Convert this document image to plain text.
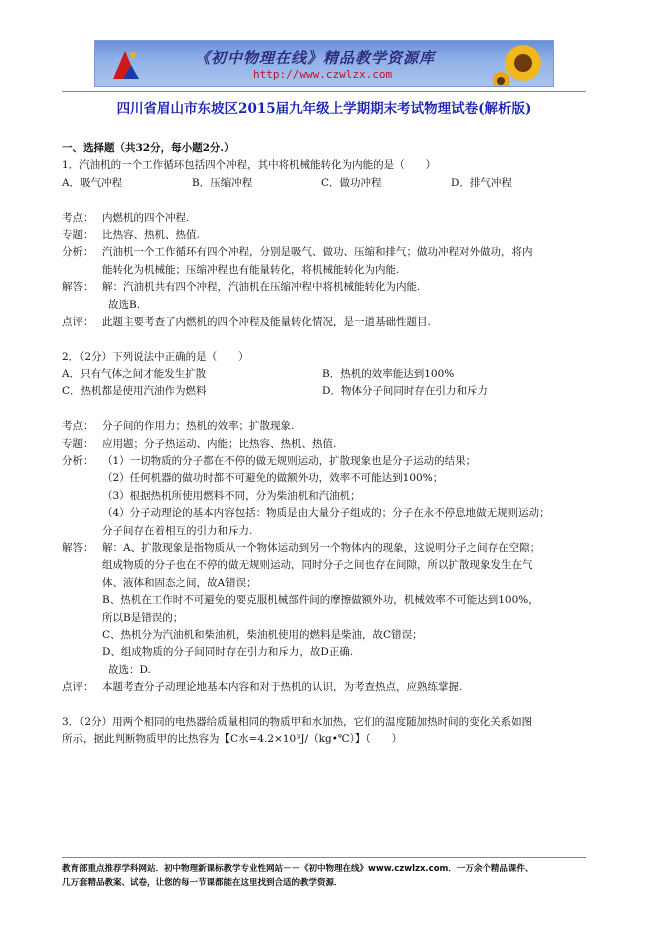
《初中物理在线》精品教学资源库
http://www.czwlzx.com
四川省眉山市东坡区2015届九年级上学期期末考试物理试卷(解析版)
一、选择题（共32分，每小题2分.）
1．汽油机的一个工作循环包括四个冲程，其中将机械能转化为内能的是（　　）
A．吸气冲程	B．压缩冲程	C．做功冲程	D．排气冲程
考点： 内燃机的四个冲程.
专题： 比热容、热机、热值.
分析： 汽油机一个工作循环有四个冲程，分别是吸气、做功、压缩和排气；做功冲程对外做功，将内
能转化为机械能；压缩冲程也有能量转化，将机械能转化为内能.
解答： 解：汽油机共有四个冲程，汽油机在压缩冲程中将机械能转化为内能.
故选B.
点评： 此题主要考查了内燃机的四个冲程及能量转化情况，是一道基础性题目.
2．（2分）下列说法中正确的是（　　）
A．只有气体之间才能发生扩散	B．热机的效率能达到100%
C．热机都是使用汽油作为燃料	D．物体分子间同时存在引力和斥力
考点： 分子间的作用力；热机的效率；扩散现象.
专题： 应用题；分子热运动、内能；比热容、热机、热值.
分析： （1）一切物质的分子都在不停的做无规则运动，扩散现象也是分子运动的结果；
（2）任何机器的做功时都不可避免的做额外功，效率不可能达到100%；
（3）根据热机所使用燃料不同，分为柴油机和汽油机；
（4）分子动理论的基本内容包括：物质是由大量分子组成的；分子在永不停息地做无规则运动；
分子间存在着相互的引力和斥力.
解答： 解：A、扩散现象是指物质从一个物体运动到另一个物体内的现象，这说明分子之间存在空隙；
组成物质的分子也在不停的做无规则运动，同时分子之间也存在间隙，所以扩散现象发生在气
体、液体和固态之间，故A错误；
B、热机在工作时不可避免的要克服机械部件间的摩擦做额外功，机械效率不可能达到100%，
所以B是错误的；
C、热机分为汽油机和柴油机，柴油机使用的燃料是柴油，故C错误；
D、组成物质的分子间同时存在引力和斥力，故D正确.
故选：D.
点评： 本题考查分子动理论地基本内容和对于热机的认识，为考查热点，应熟练掌握.
3．（2分）用两个相同的电热器给质量相同的物质甲和水加热，它们的温度随加热时间的变化关系如图
所示，据此判断物质甲的比热容为【C水=4.2×10³J/（kg•℃）】（　　）
教育部重点推荐学科网站．初中物理新课标教学专业性网站－－《初中物理在线》www.czwlzx.com．一万余个精品课件、
几万套精品教案、试卷，让您的每一节课都能在这里找到合适的教学资源．
